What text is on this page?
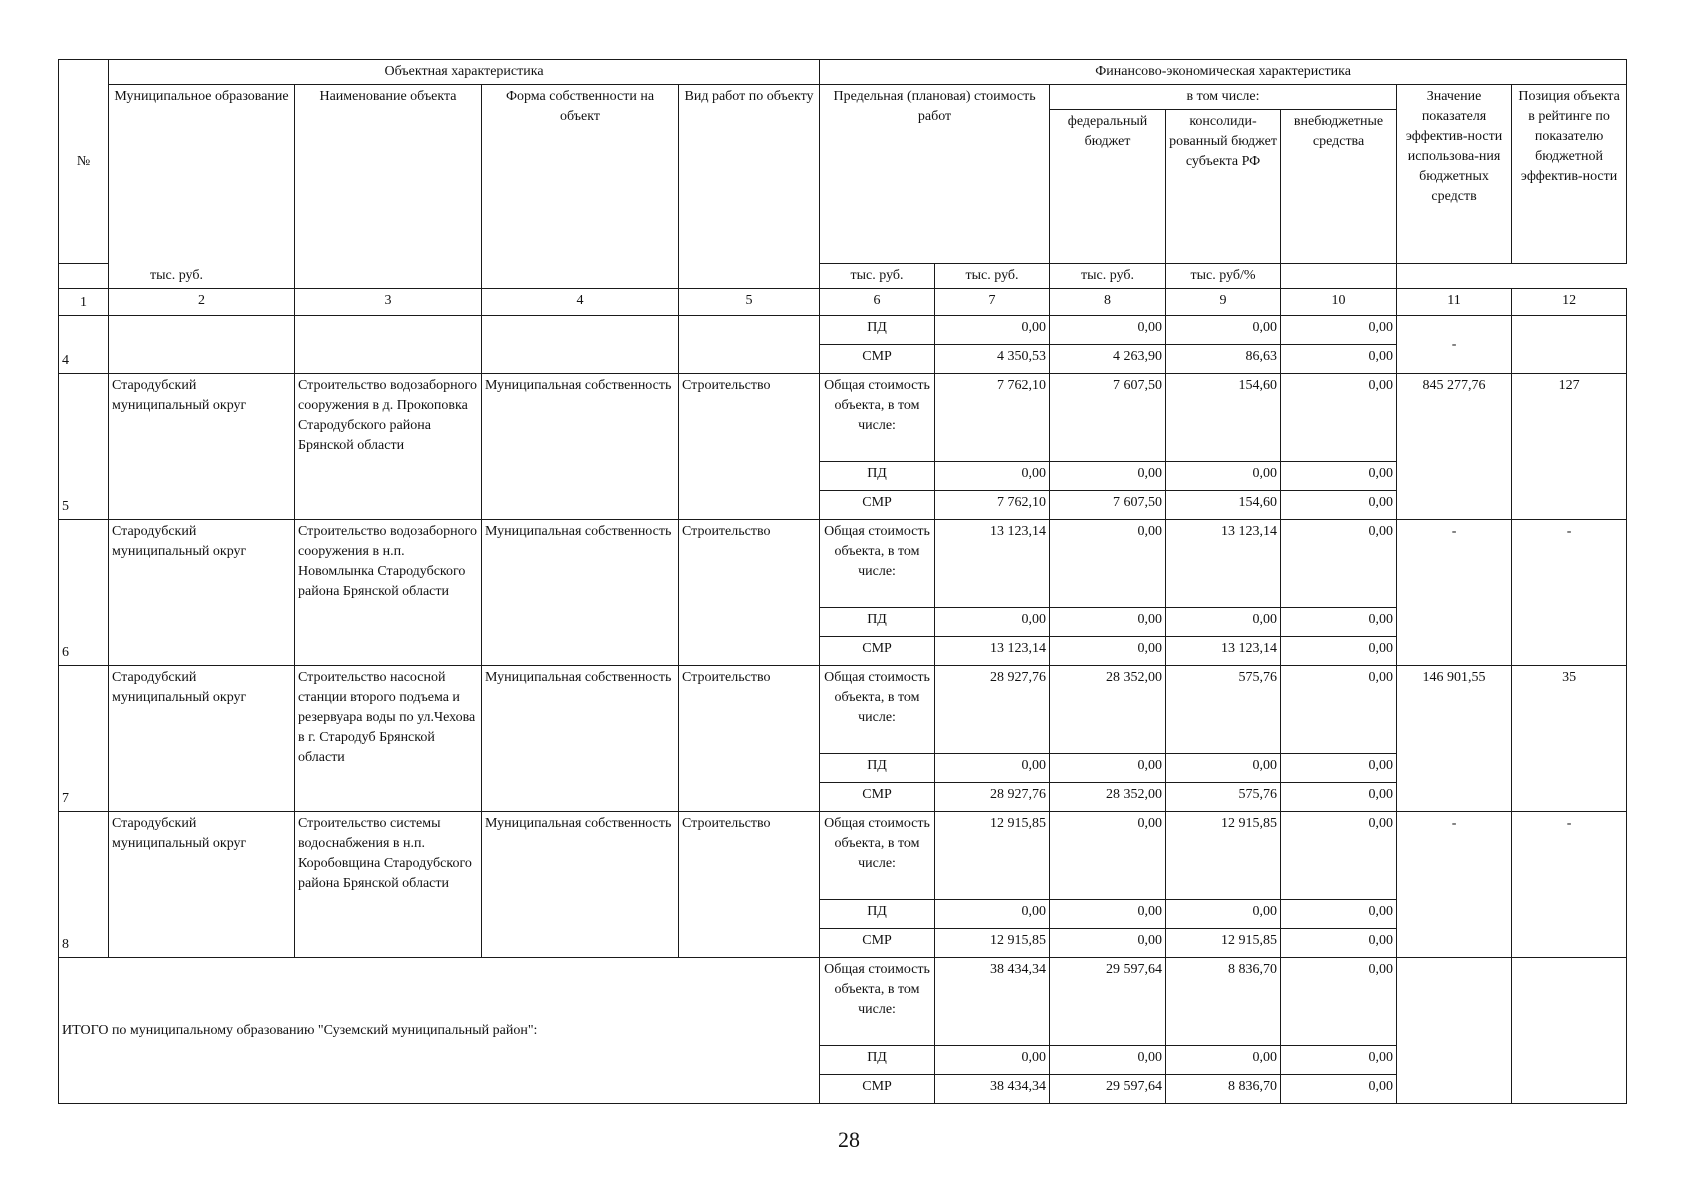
№	Объектная характеристика				Финансово-экономическая характеристика						
	Муниципальное образование	Наименование объекта	Форма собственности на объект	Вид работ по объекту	Предельная (плановая) стоимость работ		в том числе:			Значение показателя эффектив-ности использова-ния бюджетных средств	Позиция объекта в рейтинге по показателю бюджетной эффектив-ности
							федеральный бюджет	консолиди-рованный бюджет субъекта РФ	внебюджетные средства		
тыс. руб.					тыс. руб.	тыс. руб.	тыс. руб.	тыс. руб/%			
1	2	3	4	5	6	7	8	9	10	11	12
4					ПД	0,00	0,00	0,00	0,00	-	
					СМР	4 350,53	4 263,90	86,63	0,00		
5	Стародубский муниципальный округ	Строительство водозаборного сооружения в д. Прокоповка Стародубского района Брянской области	Муниципальная собственность	Строительство	Общая стоимость объекта, в том числе:	7 762,10	7 607,50	154,60	0,00	845 277,76	127
					ПД	0,00	0,00	0,00	0,00		
					СМР	7 762,10	7 607,50	154,60	0,00		
6	Стародубский муниципальный округ	Строительство водозаборного сооружения в н.п. Новомлынка Стародубского района Брянской области	Муниципальная собственность	Строительство	Общая стоимость объекта, в том числе:	13 123,14	0,00	13 123,14	0,00	-	-
					ПД	0,00	0,00	0,00	0,00		
					СМР	13 123,14	0,00	13 123,14	0,00		
7	Стародубский муниципальный округ	Строительство насосной станции второго подъема и резервуара воды по ул.Чехова в г. Стародуб Брянской области	Муниципальная собственность	Строительство	Общая стоимость объекта, в том числе:	28 927,76	28 352,00	575,76	0,00	146 901,55	35
					ПД	0,00	0,00	0,00	0,00		
					СМР	28 927,76	28 352,00	575,76	0,00		
8	Стародубский муниципальный округ	Строительство системы водоснабжения в н.п. Коробовщина Стародубского района Брянской области	Муниципальная собственность	Строительство	Общая стоимость объекта, в том числе:	12 915,85	0,00	12 915,85	0,00	-	-
					ПД	0,00	0,00	0,00	0,00		
					СМР	12 915,85	0,00	12 915,85	0,00		
ИТОГО по муниципальному образованию "Суземский муниципальный район":					Общая стоимость объекта, в том числе:	38 434,34	29 597,64	8 836,70	0,00		
					ПД	0,00	0,00	0,00	0,00		
					СМР	38 434,34	29 597,64	8 836,70	0,00		
28
